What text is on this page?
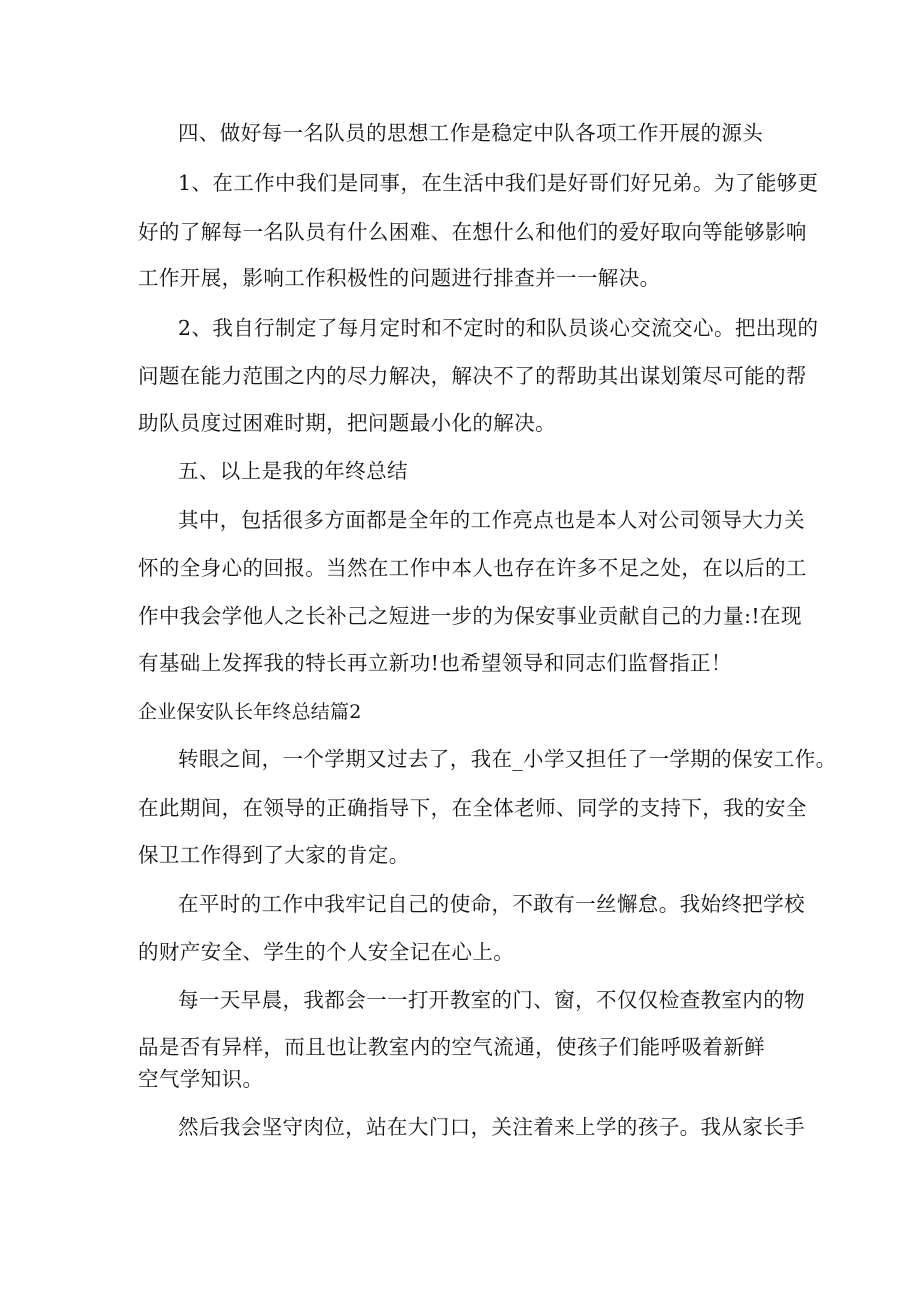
四、做好每一名队员的思想工作是稳定中队各项工作开展的源头
1、在工作中我们是同事，在生活中我们是好哥们好兄弟。为了能够更
好的了解每一名队员有什么困难、在想什么和他们的爱好取向等能够影响
工作开展，影响工作积极性的问题进行排查并一一解决。
2、我自行制定了每月定时和不定时的和队员谈心交流交心。把出现的
问题在能力范围之内的尽力解决，解决不了的帮助其出谋划策尽可能的帮
助队员度过困难时期，把问题最小化的解决。
五、以上是我的年终总结
其中，包括很多方面都是全年的工作亮点也是本人对公司领导大力关
怀的全身心的回报。当然在工作中本人也存在许多不足之处，在以后的工
作中我会学他人之长补己之短进一步的为保安事业贡献自己的力量:!在现
有基础上发挥我的特长再立新功!也希望领导和同志们监督指正！
企业保安队长年终总结篇2
转眼之间，一个学期又过去了，我在_小学又担任了一学期的保安工作。
在此期间，在领导的正确指导下，在全体老师、同学的支持下，我的安全
保卫工作得到了大家的肯定。
在平时的工作中我牢记自己的使命，不敢有一丝懈怠。我始终把学校
的财产安全、学生的个人安全记在心上。
每一天早晨，我都会一一打开教室的门、窗，不仅仅检查教室内的物
品是否有异样，而且也让教室内的空气流通，使孩子们能呼吸着新鲜
空气学知识。
然后我会坚守肉位，站在大门口，关注着来上学的孩子。我从家长手
